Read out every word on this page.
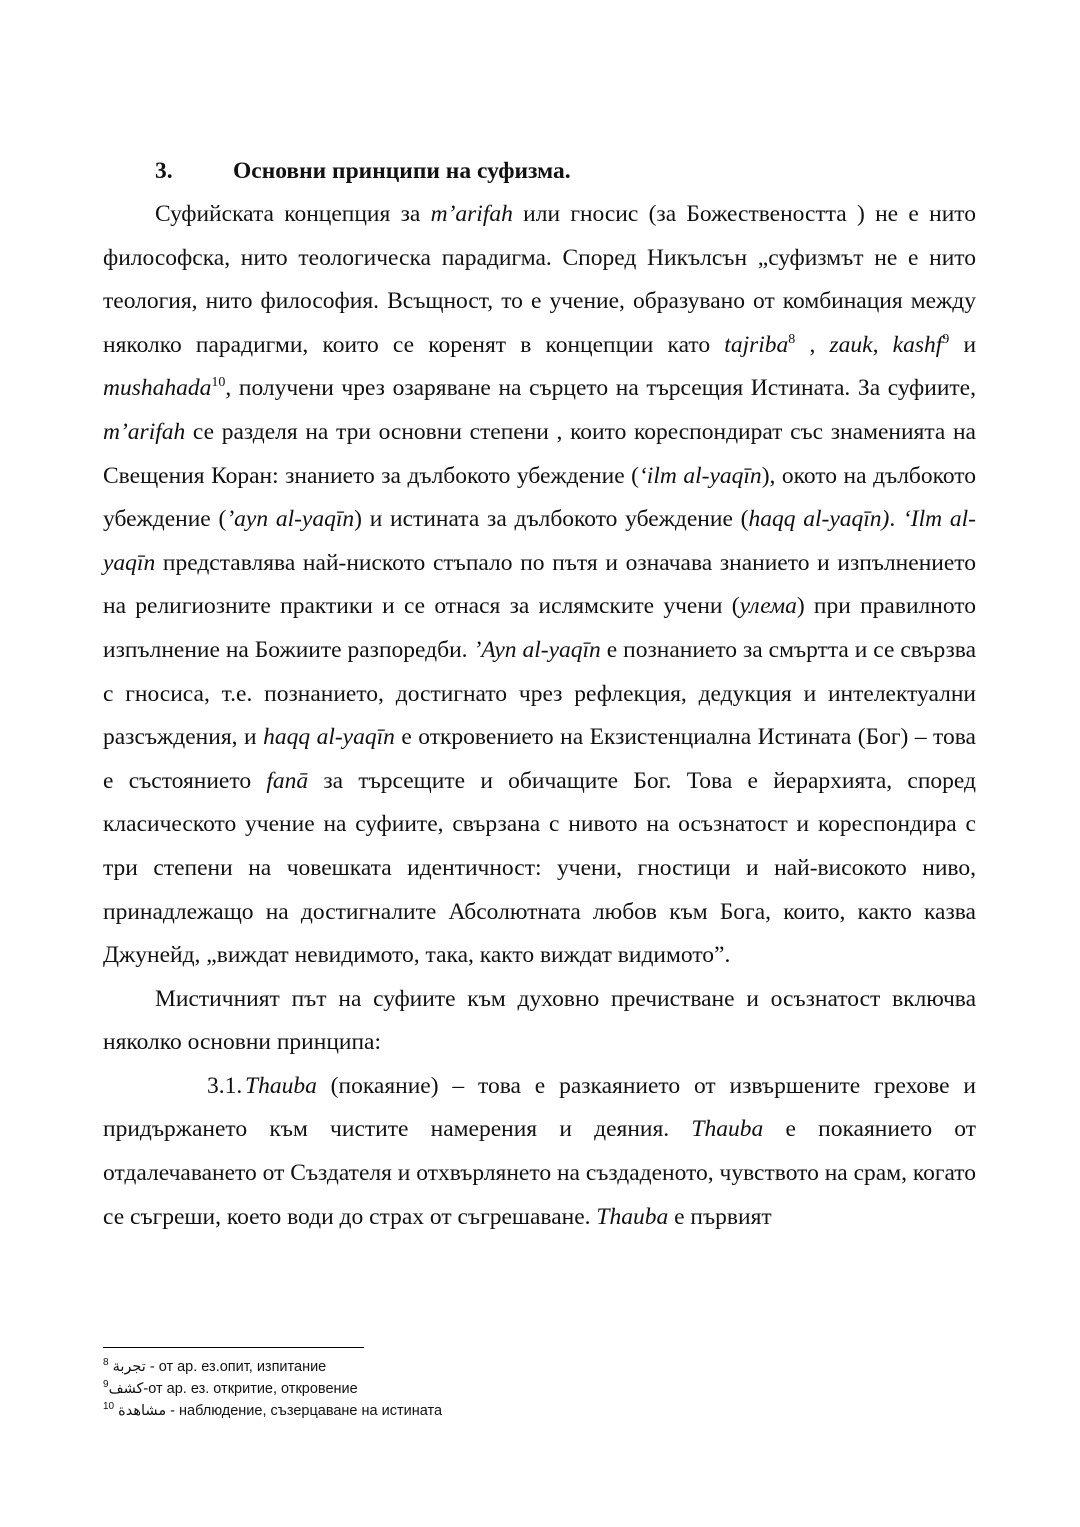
3.	Основни принципи на суфизма.

Суфийската концепция за m’arifah или гносис (за Божествеността ) не е нито философска, нито теологическа парадигма. Според Никълсън „суфизмът не е нито теология, нито философия. Всъщност, то е учение, образувано от комбинация между няколко парадигми, които се коренят в концепции като tajriba$^8$ , zauk, kashf$^9$ и mushahada$^{10}$, получени чрез озаряване на сърцето на търсещия Истината. За суфиите, m’arifah се разделя на три основни степени , които кореспондират със знаменията на Свещения Коран: знанието за дълбокото убеждение (‘ilm al-yaqīn), окото на дълбокото убеждение (’ayn al-yaqīn) и истината за дълбокото убеждение (haqq al-yaqīn). ‘Ilm al-yaqīn представлява най-ниското стъпало по пътя и означава знанието и изпълнението на религиозните практики и се отнася за ислямските учени (улема) при правилното изпълнение на Божиите разпоредби. ’Ayn al-yaqīn е познанието за смъртта и се свързва с гносиса, т.е. познанието, достигнато чрез рефлекция, дедукция и интелектуални разсъждения, и haqq al-yaqīn е откровението на Екзистенциална Истината (Бог) – това е състоянието fanā за търсещите и обичащите Бог. Това е йерархията, според класическото учение на суфиите, свързана с нивото на осъзнатост и кореспондира с три степени на човешката идентичност: учени, гностици и най-високото ниво, принадлежащо на достигналите Абсолютната любов към Бога, които, както казва Джунейд, „виждат невидимото, така, както виждат видимото”.

Мистичният път на суфиите към духовно пречистване и осъзнатост включва няколко основни принципа:

3.1. Thauba (покаяние) – това е разкаянието от извършените грехове и придържането към чистите намерения и деяния. Thauba е покаянието от отдалечаването от Създателя и отхвърлянето на създаденото, чувството на срам, когато се съгреши, което води до страх от съгрешаване. Thauba е първият

$^8$ تجربة - от ар. ез.опит, изпитание
$^9$كشف-от ар. ез. откритие, откровение
$^{10}$ مشاهدة - наблюдение, съзерцаване на истината
